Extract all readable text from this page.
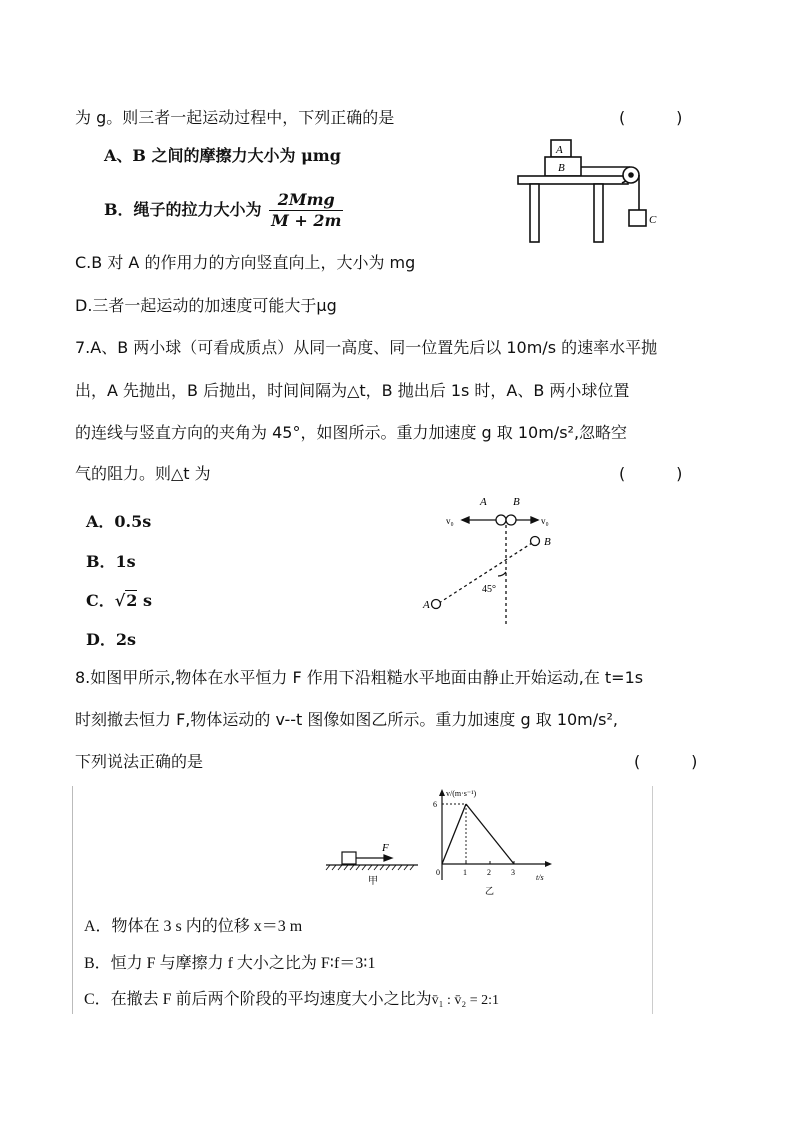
为 g。则三者一起运动过程中，下列正确的是	(          )
A、B 之间的摩擦力大小为 μmg
B．绳子的拉力大小为 $\frac{\text{2Mmg}}{M + 2m}$
C.B 对 A 的作用力的方向竖直向上，大小为 mg
D.三者一起运动的加速度可能大于μg
A
B
C
7.A、B 两小球（可看成质点）从同一高度、同一位置先后以 10m/s 的速率水平抛
出，A 先抛出，B 后抛出，时间间隔为△t，B 抛出后 1s 时，A、B 两小球位置
的连线与竖直方向的夹角为 45°，如图所示。重力加速度 g 取 10m/s²,忽略空
气的阻力。则△t 为	(          )
A．0.5s
B．1s
C．√2 s
D．2s
A B
v₀	v₀
B
A
45°
8.如图甲所示,物体在水平恒力 F 作用下沿粗糙水平地面由静止开始运动,在 t=1s
时刻撤去恒力 F,物体运动的 v--t 图像如图乙所示。重力加速度 g 取 10m/s²,
下列说法正确的是	(          )
F
甲
0	1	2	3
6
v/(m·s⁻¹)
t/s
乙
A．物体在 3 s 内的位移 x＝3 m
B．恒力 F 与摩擦力 f 大小之比为 F∶f＝3∶1
C．在撤去 F 前后两个阶段的平均速度大小之比为v̄₁ : v̄₂ = 2:1
